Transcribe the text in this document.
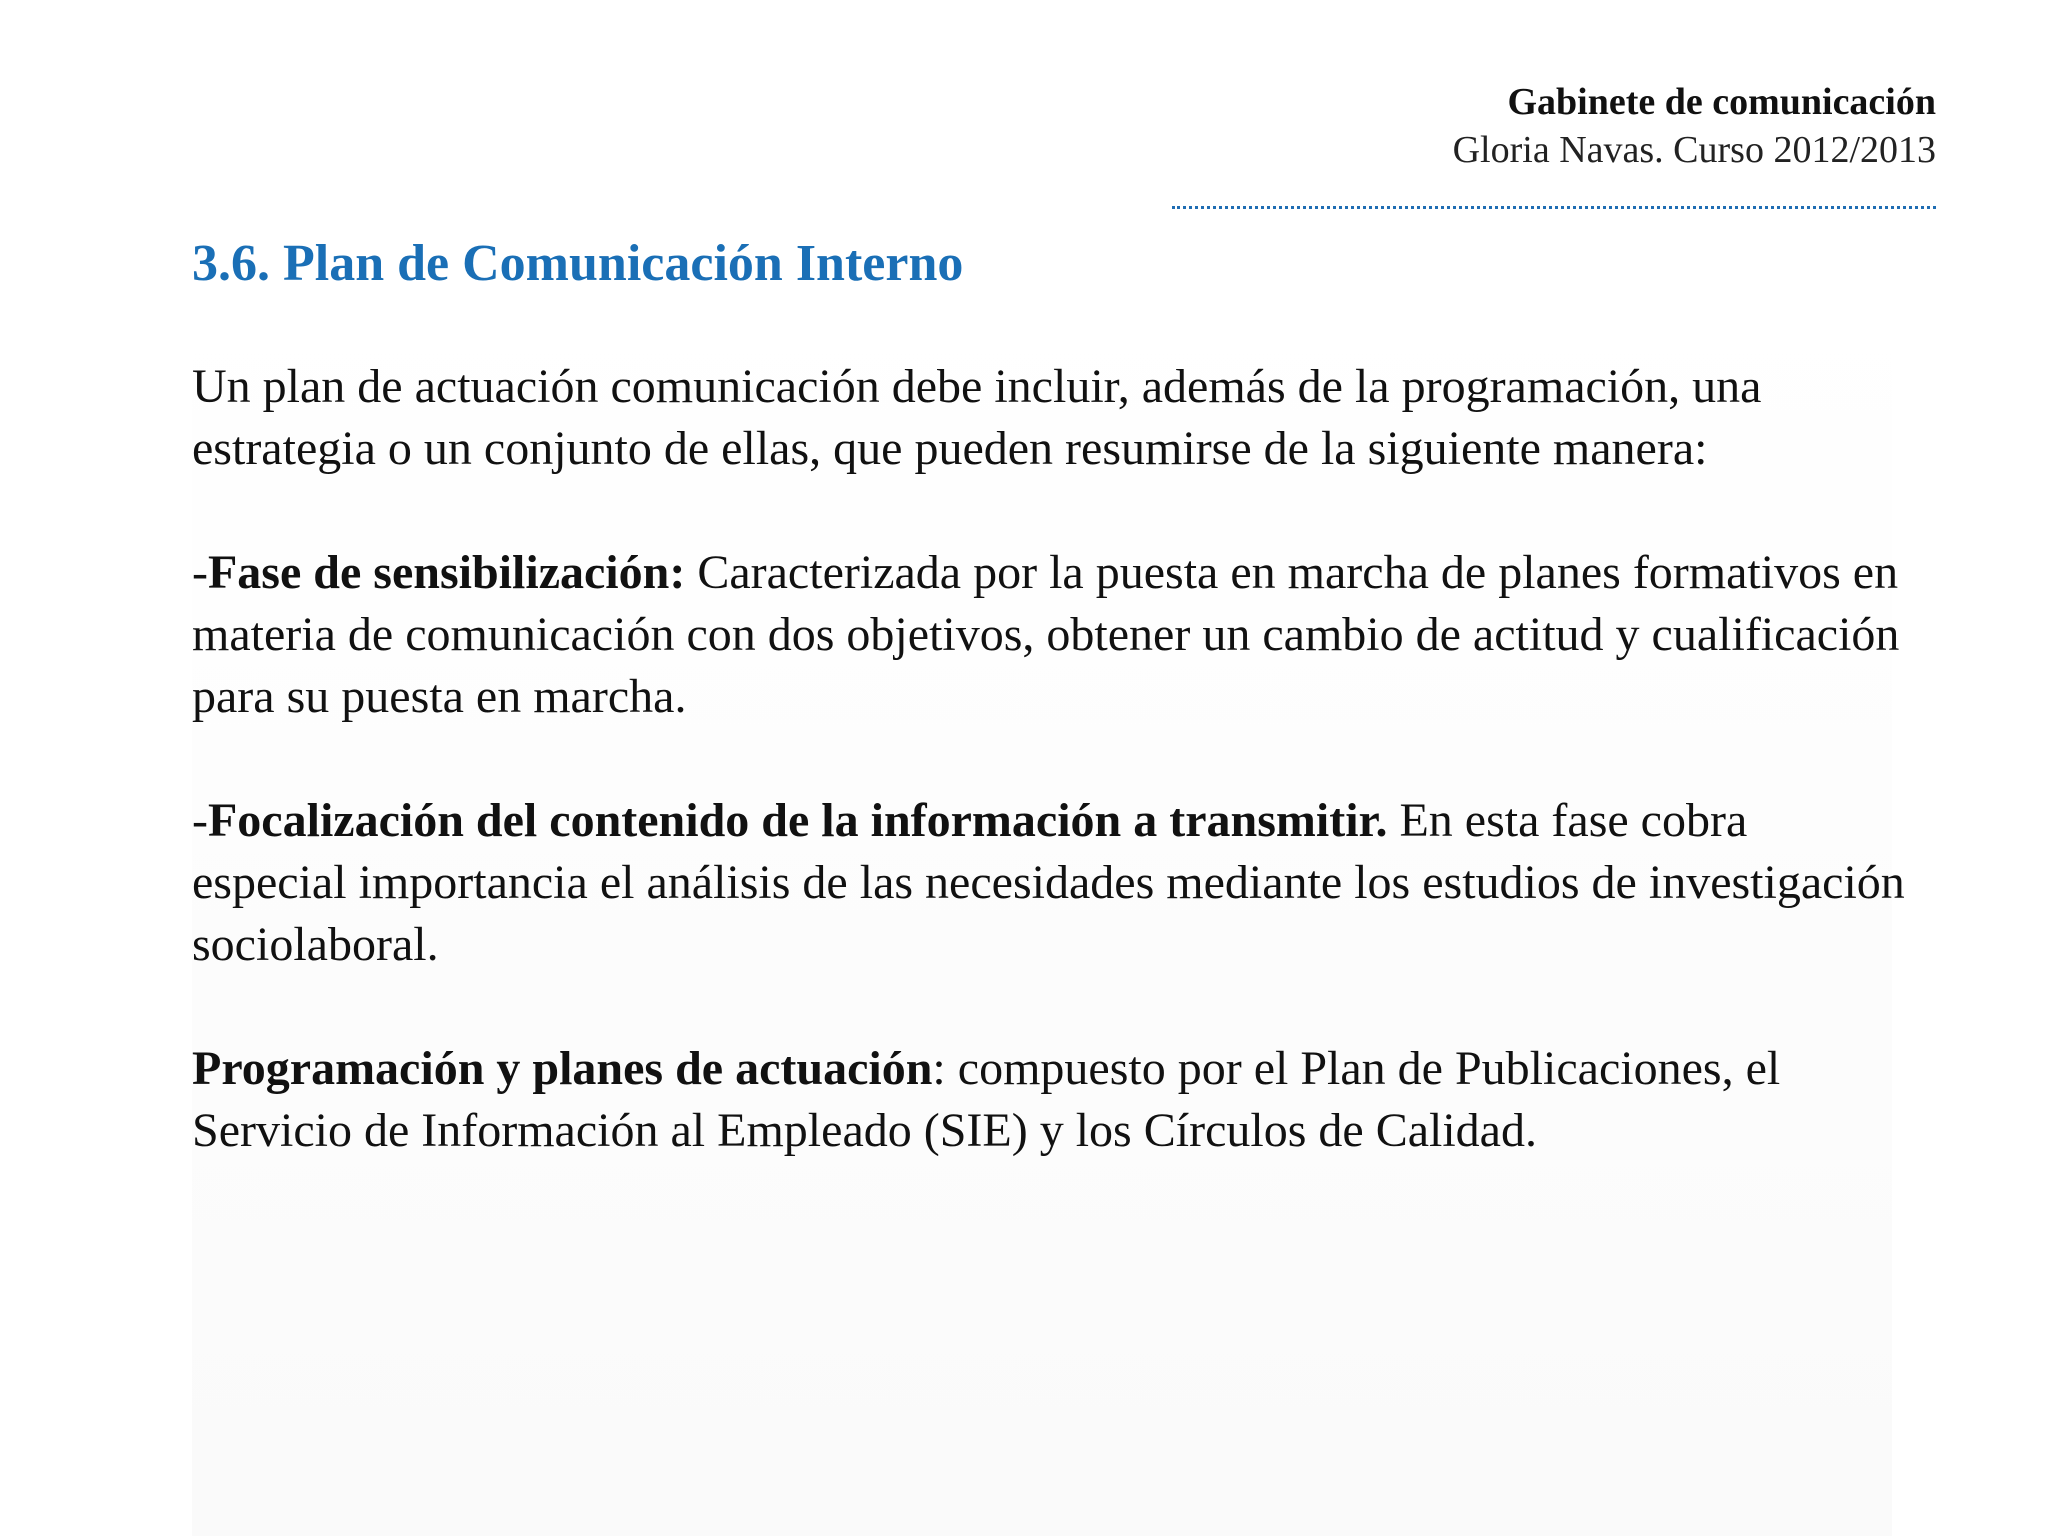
Gabinete de comunicación
Gloria Navas. Curso 2012/2013
3.6. Plan de Comunicación Interno

Un plan de actuación comunicación debe incluir, además de la programación, una estrategia o un conjunto de ellas, que pueden resumirse de la siguiente manera:

-Fase de sensibilización: Caracterizada por la puesta en marcha de planes formativos en materia de comunicación con dos objetivos, obtener un cambio de actitud y cualificación para su puesta en marcha.

-Focalización del contenido de la información a transmitir. En esta fase cobra especial importancia el análisis de las necesidades mediante los estudios de investigación sociolaboral.

Programación y planes de actuación: compuesto por el Plan de Publicaciones, el Servicio de Información al Empleado (SIE) y los Círculos de Calidad.
